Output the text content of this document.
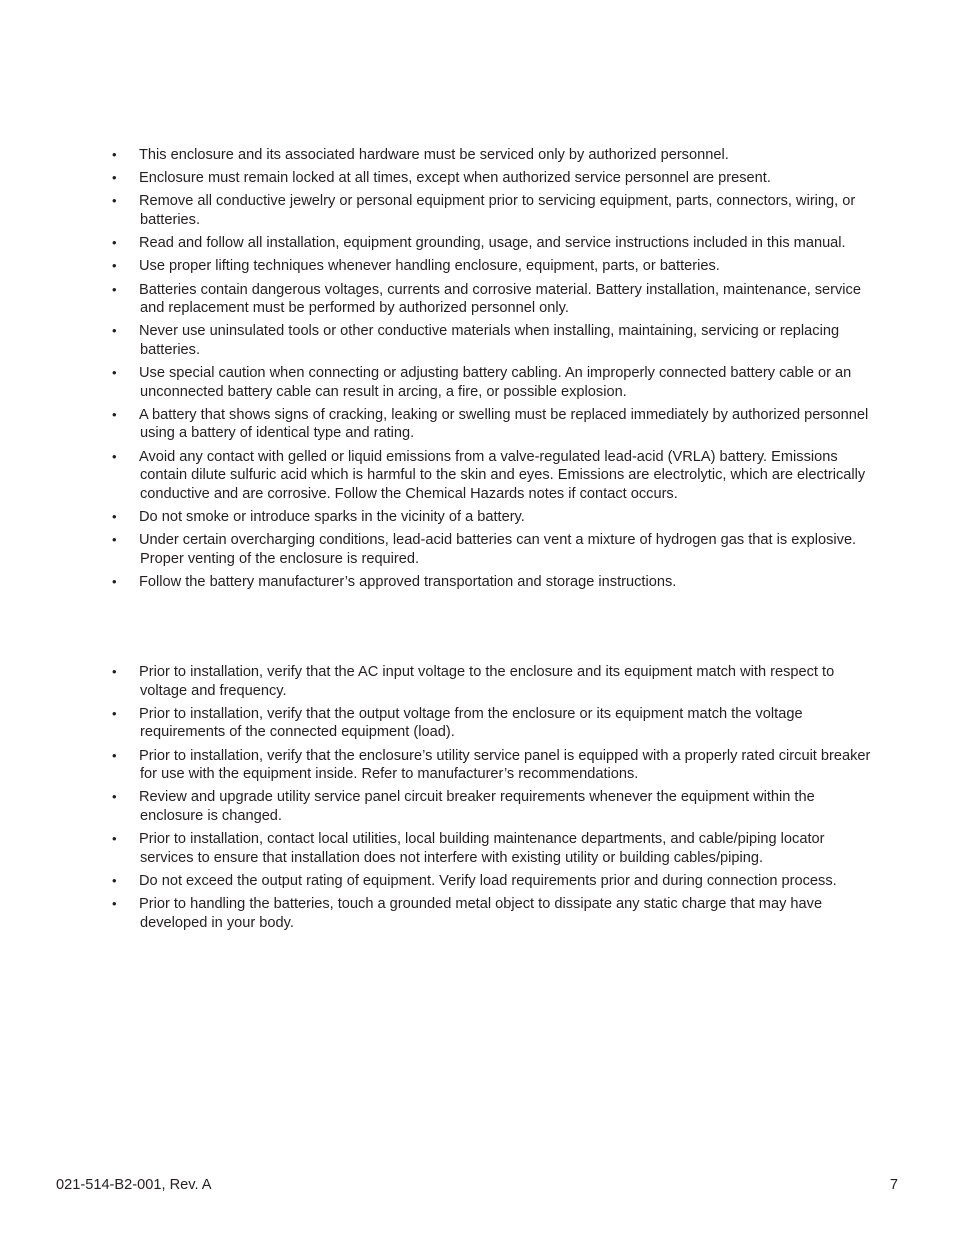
• This enclosure and its associated hardware must be serviced only by authorized personnel.
• Enclosure must remain locked at all times, except when authorized service personnel are present.
• Remove all conductive jewelry or personal equipment prior to servicing equipment, parts, connectors, wiring, or batteries.
• Read and follow all installation, equipment grounding, usage, and service instructions included in this manual.
• Use proper lifting techniques whenever handling enclosure, equipment, parts, or batteries.
• Batteries contain dangerous voltages, currents and corrosive material. Battery installation, maintenance, service and replacement must be performed by authorized personnel only.
• Never use uninsulated tools or other conductive materials when installing, maintaining, servicing or replacing batteries.
• Use special caution when connecting or adjusting battery cabling. An improperly connected battery cable or an unconnected battery cable can result in arcing, a fire, or possible explosion.
• A battery that shows signs of cracking, leaking or swelling must be replaced immediately by authorized personnel using a battery of identical type and rating.
• Avoid any contact with gelled or liquid emissions from a valve-regulated lead-acid (VRLA) battery. Emissions contain dilute sulfuric acid which is harmful to the skin and eyes. Emissions are electrolytic, which are electrically conductive and are corrosive. Follow the Chemical Hazards notes if contact occurs.
• Do not smoke or introduce sparks in the vicinity of a battery.
• Under certain overcharging conditions, lead-acid batteries can vent a mixture of hydrogen gas that is explosive. Proper venting of the enclosure is required.
• Follow the battery manufacturer’s approved transportation and storage instructions.
• Prior to installation, verify that the AC input voltage to the enclosure and its equipment match with respect to voltage and frequency.
• Prior to installation, verify that the output voltage from the enclosure or its equipment match the voltage requirements of the connected equipment (load).
• Prior to installation, verify that the enclosure’s utility service panel is equipped with a properly rated circuit breaker for use with the equipment inside. Refer to manufacturer’s recommendations.
• Review and upgrade utility service panel circuit breaker requirements whenever the equipment within the enclosure is changed.
• Prior to installation, contact local utilities, local building maintenance departments, and cable/piping locator services to ensure that installation does not interfere with existing utility or building cables/piping.
• Do not exceed the output rating of equipment. Verify load requirements prior and during connection process.
• Prior to handling the batteries, touch a grounded metal object to dissipate any static charge that may have developed in your body.
021-514-B2-001, Rev. A	7
